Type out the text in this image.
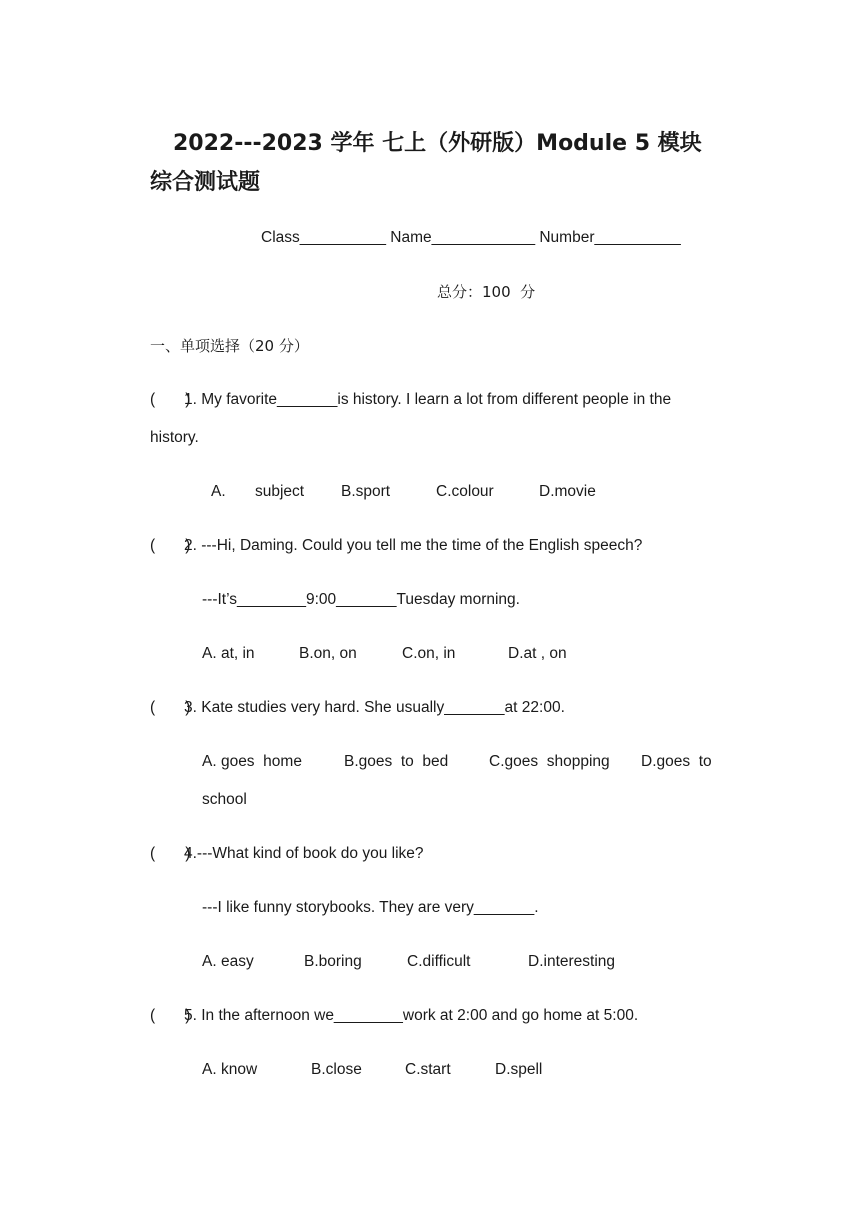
2022---2023 学年 七上（外研版）Module 5 模块综合测试题
Class__________ Name____________ Number__________
总分：100  分
一、单项选择（20 分）
(       )
1. My favorite_______is history. I learn a lot from different people in the
history.
A. subject B.sport	C.colour	D.movie
(       )
2. ---Hi, Daming. Could you tell me the time of the English speech?
---It’s________9:00_______Tuesday morning.
A. at, in	B.on, on	C.on, in	D.at , on
(       )
3. Kate studies very hard. She usually_______at 22:00.
A. goes  home	B.goes  to  bed	C.goes  shopping D.goes  to
school
(       )
4.---What kind of book do you like?
---I like funny storybooks. They are very_______.
A. easy	B.boring	C.difficult	D.interesting
(       )
5. In the afternoon we________work at 2:00 and go home at 5:00.
A. know	B.close	C.start	D.spell
